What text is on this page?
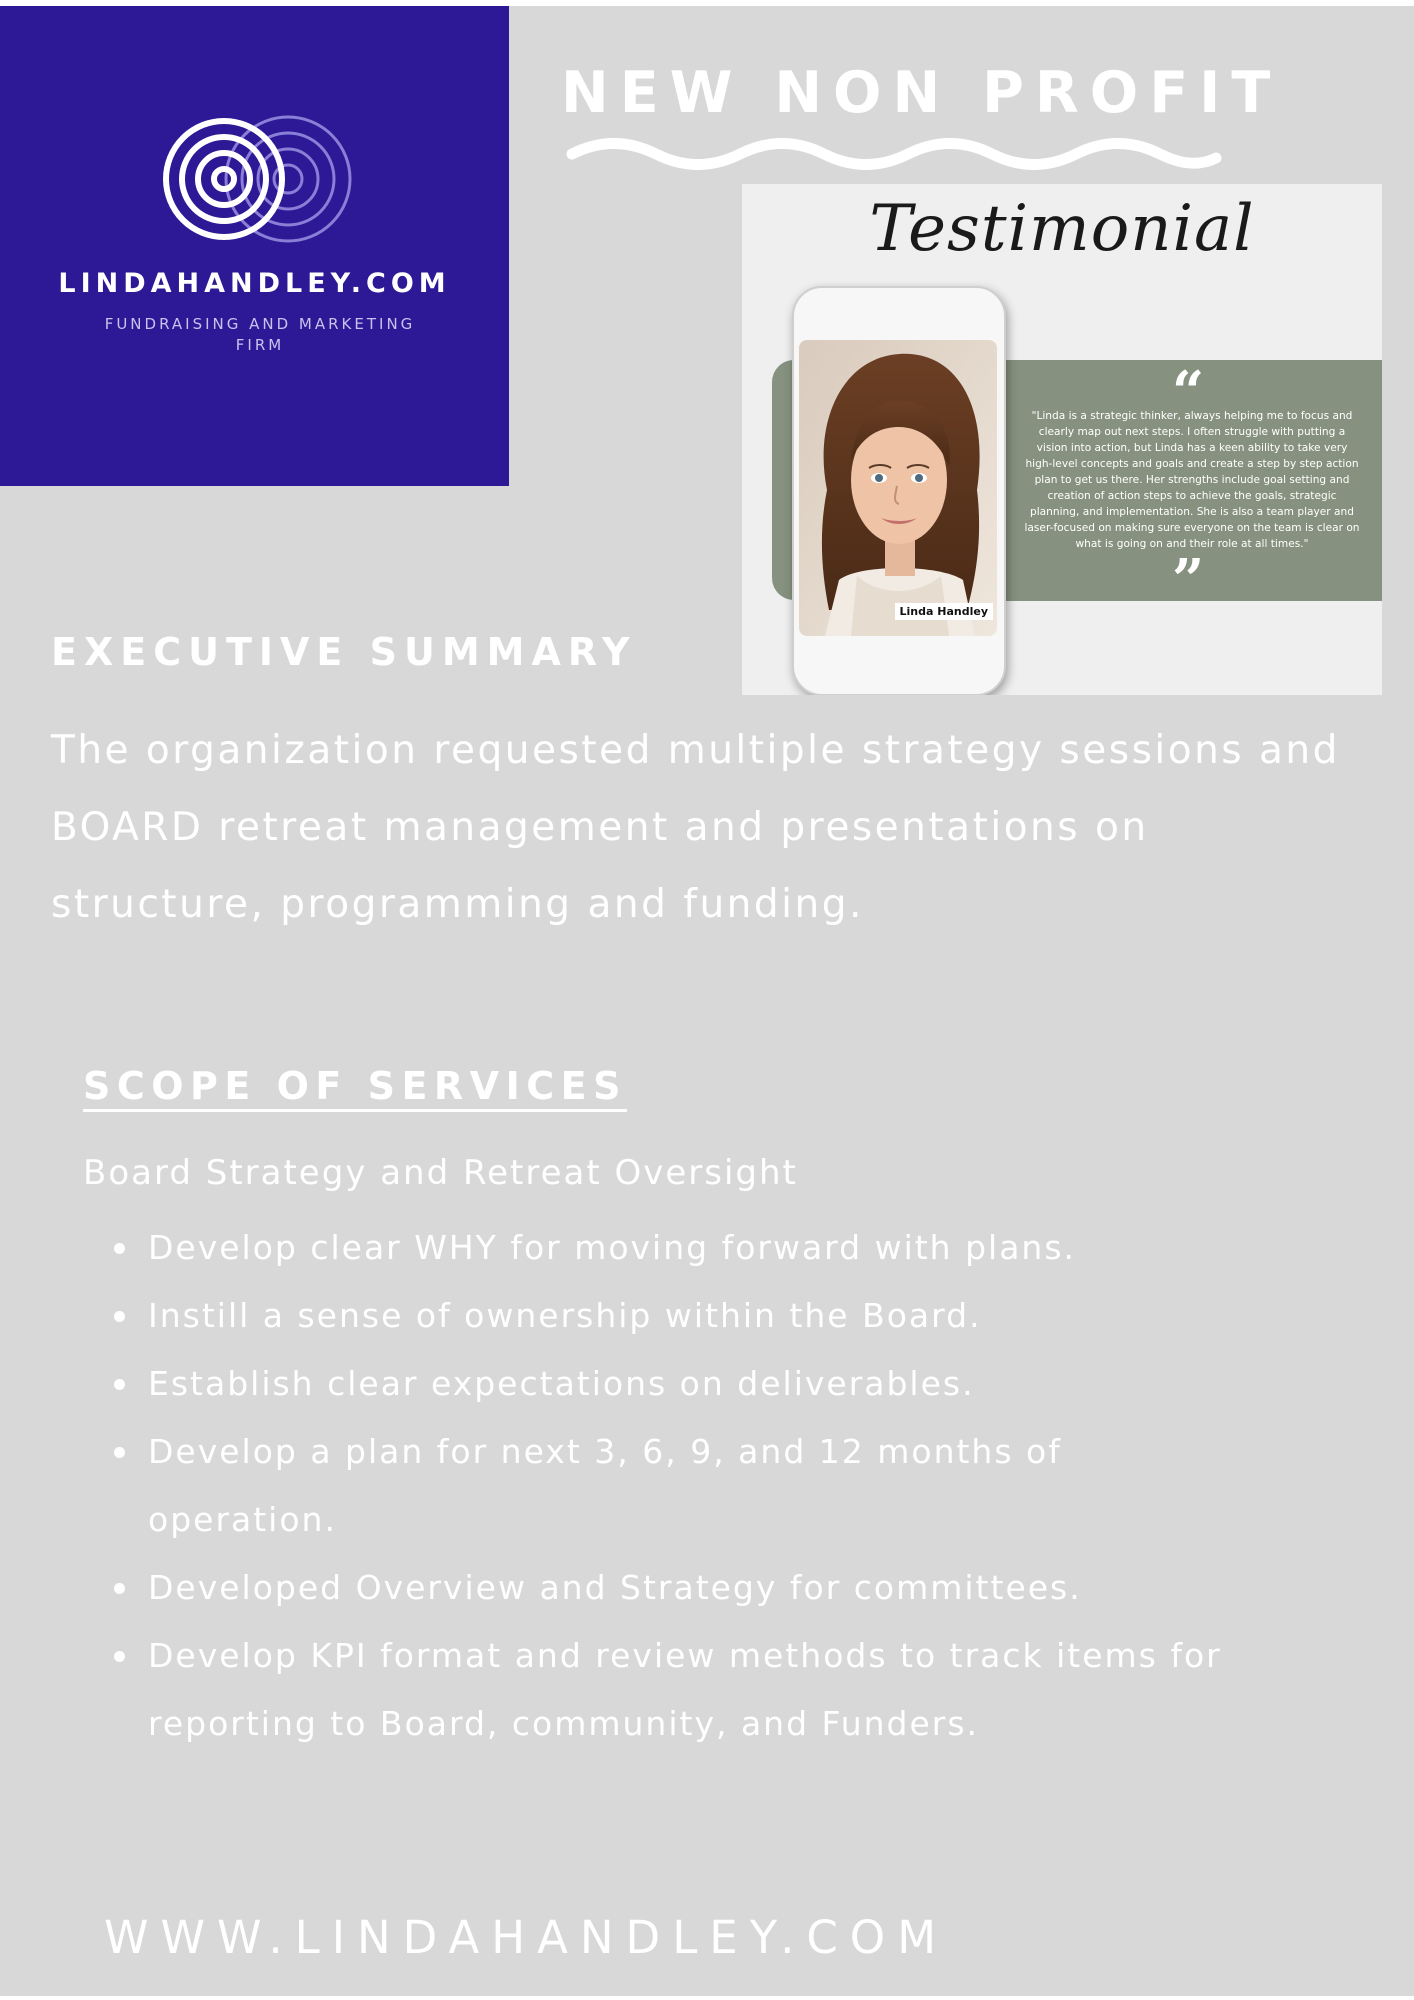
LINDAHANDLEY.COM
FUNDRAISING AND MARKETING FIRM
NEW NON PROFIT
Testimonial
“
"Linda is a strategic thinker, always helping me to focus and clearly map out next steps. I often struggle with putting a vision into action, but Linda has a keen ability to take very high-level concepts and goals and create a step by step action plan to get us there. Her strengths include goal setting and creation of action steps to achieve the goals, strategic planning, and implementation. She is also a team player and laser-focused on making sure everyone on the team is clear on what is going on and their role at all times."
”
Linda Handley
EXECUTIVE SUMMARY
The organization requested multiple strategy sessions and BOARD retreat management and presentations on structure, programming and funding.
SCOPE OF SERVICES
Board Strategy and Retreat Oversight
Develop clear WHY for moving forward with plans.
Instill a sense of ownership within the Board.
Establish clear expectations on deliverables.
Develop a plan for next 3, 6, 9, and 12 months of operation.
Developed Overview and Strategy for committees.
Develop KPI format and review methods to track items for reporting to Board, community, and Funders.
WWW.LINDAHANDLEY.COM
